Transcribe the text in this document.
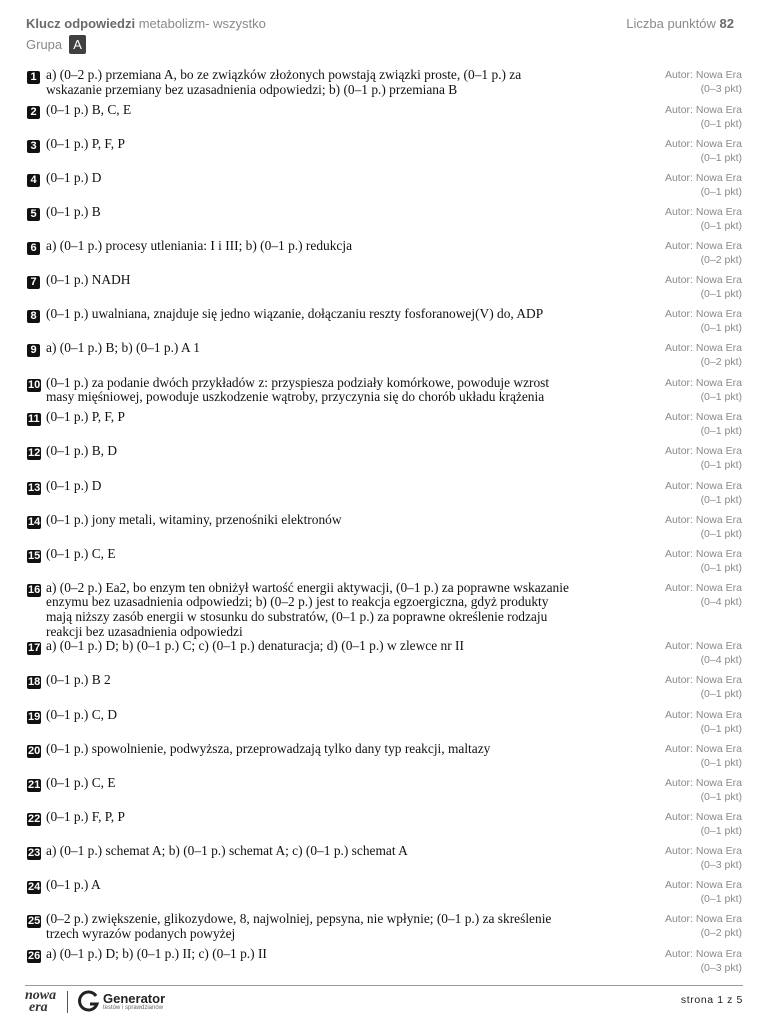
Klucz odpowiedzi metabolizm- wszystko	Liczba punktów 82
Grupa A
1 a) (0–2 p.) przemiana A, bo ze związków złożonych powstają związki proste, (0–1 p.) za wskazanie przemiany bez uzasadnienia odpowiedzi; b) (0–1 p.) przemiana B
Autor: Nowa Era
(0–3 pkt)
2 (0–1 p.) B, C, E	Autor: Nowa Era
(0–1 pkt)
3 (0–1 p.) P, F, P	Autor: Nowa Era
(0–1 pkt)
4 (0–1 p.) D	Autor: Nowa Era
(0–1 pkt)
5 (0–1 p.) B	Autor: Nowa Era
(0–1 pkt)
6 a) (0–1 p.) procesy utleniania: I i III; b) (0–1 p.) redukcja	Autor: Nowa Era
(0–2 pkt)
7 (0–1 p.) NADH	Autor: Nowa Era
(0–1 pkt)
8 (0–1 p.) uwalniana, znajduje się jedno wiązanie, dołączaniu reszty fosforanowej(V) do, ADP	Autor: Nowa Era
(0–1 pkt)
9 a) (0–1 p.) B; b) (0–1 p.) A 1	Autor: Nowa Era
(0–2 pkt)
10 (0–1 p.) za podanie dwóch przykładów z: przyspiesza podziały komórkowe, powoduje wzrost masy mięśniowej, powoduje uszkodzenie wątroby, przyczynia się do chorób układu krążenia
Autor: Nowa Era
(0–1 pkt)
11 (0–1 p.) P, F, P	Autor: Nowa Era
(0–1 pkt)
12 (0–1 p.) B, D	Autor: Nowa Era
(0–1 pkt)
13 (0–1 p.) D	Autor: Nowa Era
(0–1 pkt)
14 (0–1 p.) jony metali, witaminy, przenośniki elektronów	Autor: Nowa Era
(0–1 pkt)
15 (0–1 p.) C, E	Autor: Nowa Era
(0–1 pkt)
16 a) (0–2 p.) Ea2, bo enzym ten obniżył wartość energii aktywacji, (0–1 p.) za poprawne wskazanie enzymu bez uzasadnienia odpowiedzi; b) (0–2 p.) jest to reakcja egzoergiczna, gdyż produkty mają niższy zasób energii w stosunku do substratów, (0–1 p.) za poprawne określenie rodzaju reakcji bez uzasadnienia odpowiedzi
Autor: Nowa Era
(0–4 pkt)
17 a) (0–1 p.) D; b) (0–1 p.) C; c) (0–1 p.) denaturacja; d) (0–1 p.) w zlewce nr II	Autor: Nowa Era
(0–4 pkt)
18 (0–1 p.) B 2	Autor: Nowa Era
(0–1 pkt)
19 (0–1 p.) C, D	Autor: Nowa Era
(0–1 pkt)
20 (0–1 p.) spowolnienie, podwyższa, przeprowadzają tylko dany typ reakcji, maltazy	Autor: Nowa Era
(0–1 pkt)
21 (0–1 p.) C, E	Autor: Nowa Era
(0–1 pkt)
22 (0–1 p.) F, P, P	Autor: Nowa Era
(0–1 pkt)
23 a) (0–1 p.) schemat A; b) (0–1 p.) schemat A; c) (0–1 p.) schemat A	Autor: Nowa Era
(0–3 pkt)
24 (0–1 p.) A	Autor: Nowa Era
(0–1 pkt)
25 (0–2 p.) zwiększenie, glikozydowe, 8, najwolniej, pepsyna, nie wpłynie; (0–1 p.) za skreślenie trzech wyrazów podanych powyżej
Autor: Nowa Era
(0–2 pkt)
26 a) (0–1 p.) D; b) (0–1 p.) II; c) (0–1 p.) II	Autor: Nowa Era
(0–3 pkt)
nowa
era
Generator
testów i sprawdzianów
strona 1 z 5
